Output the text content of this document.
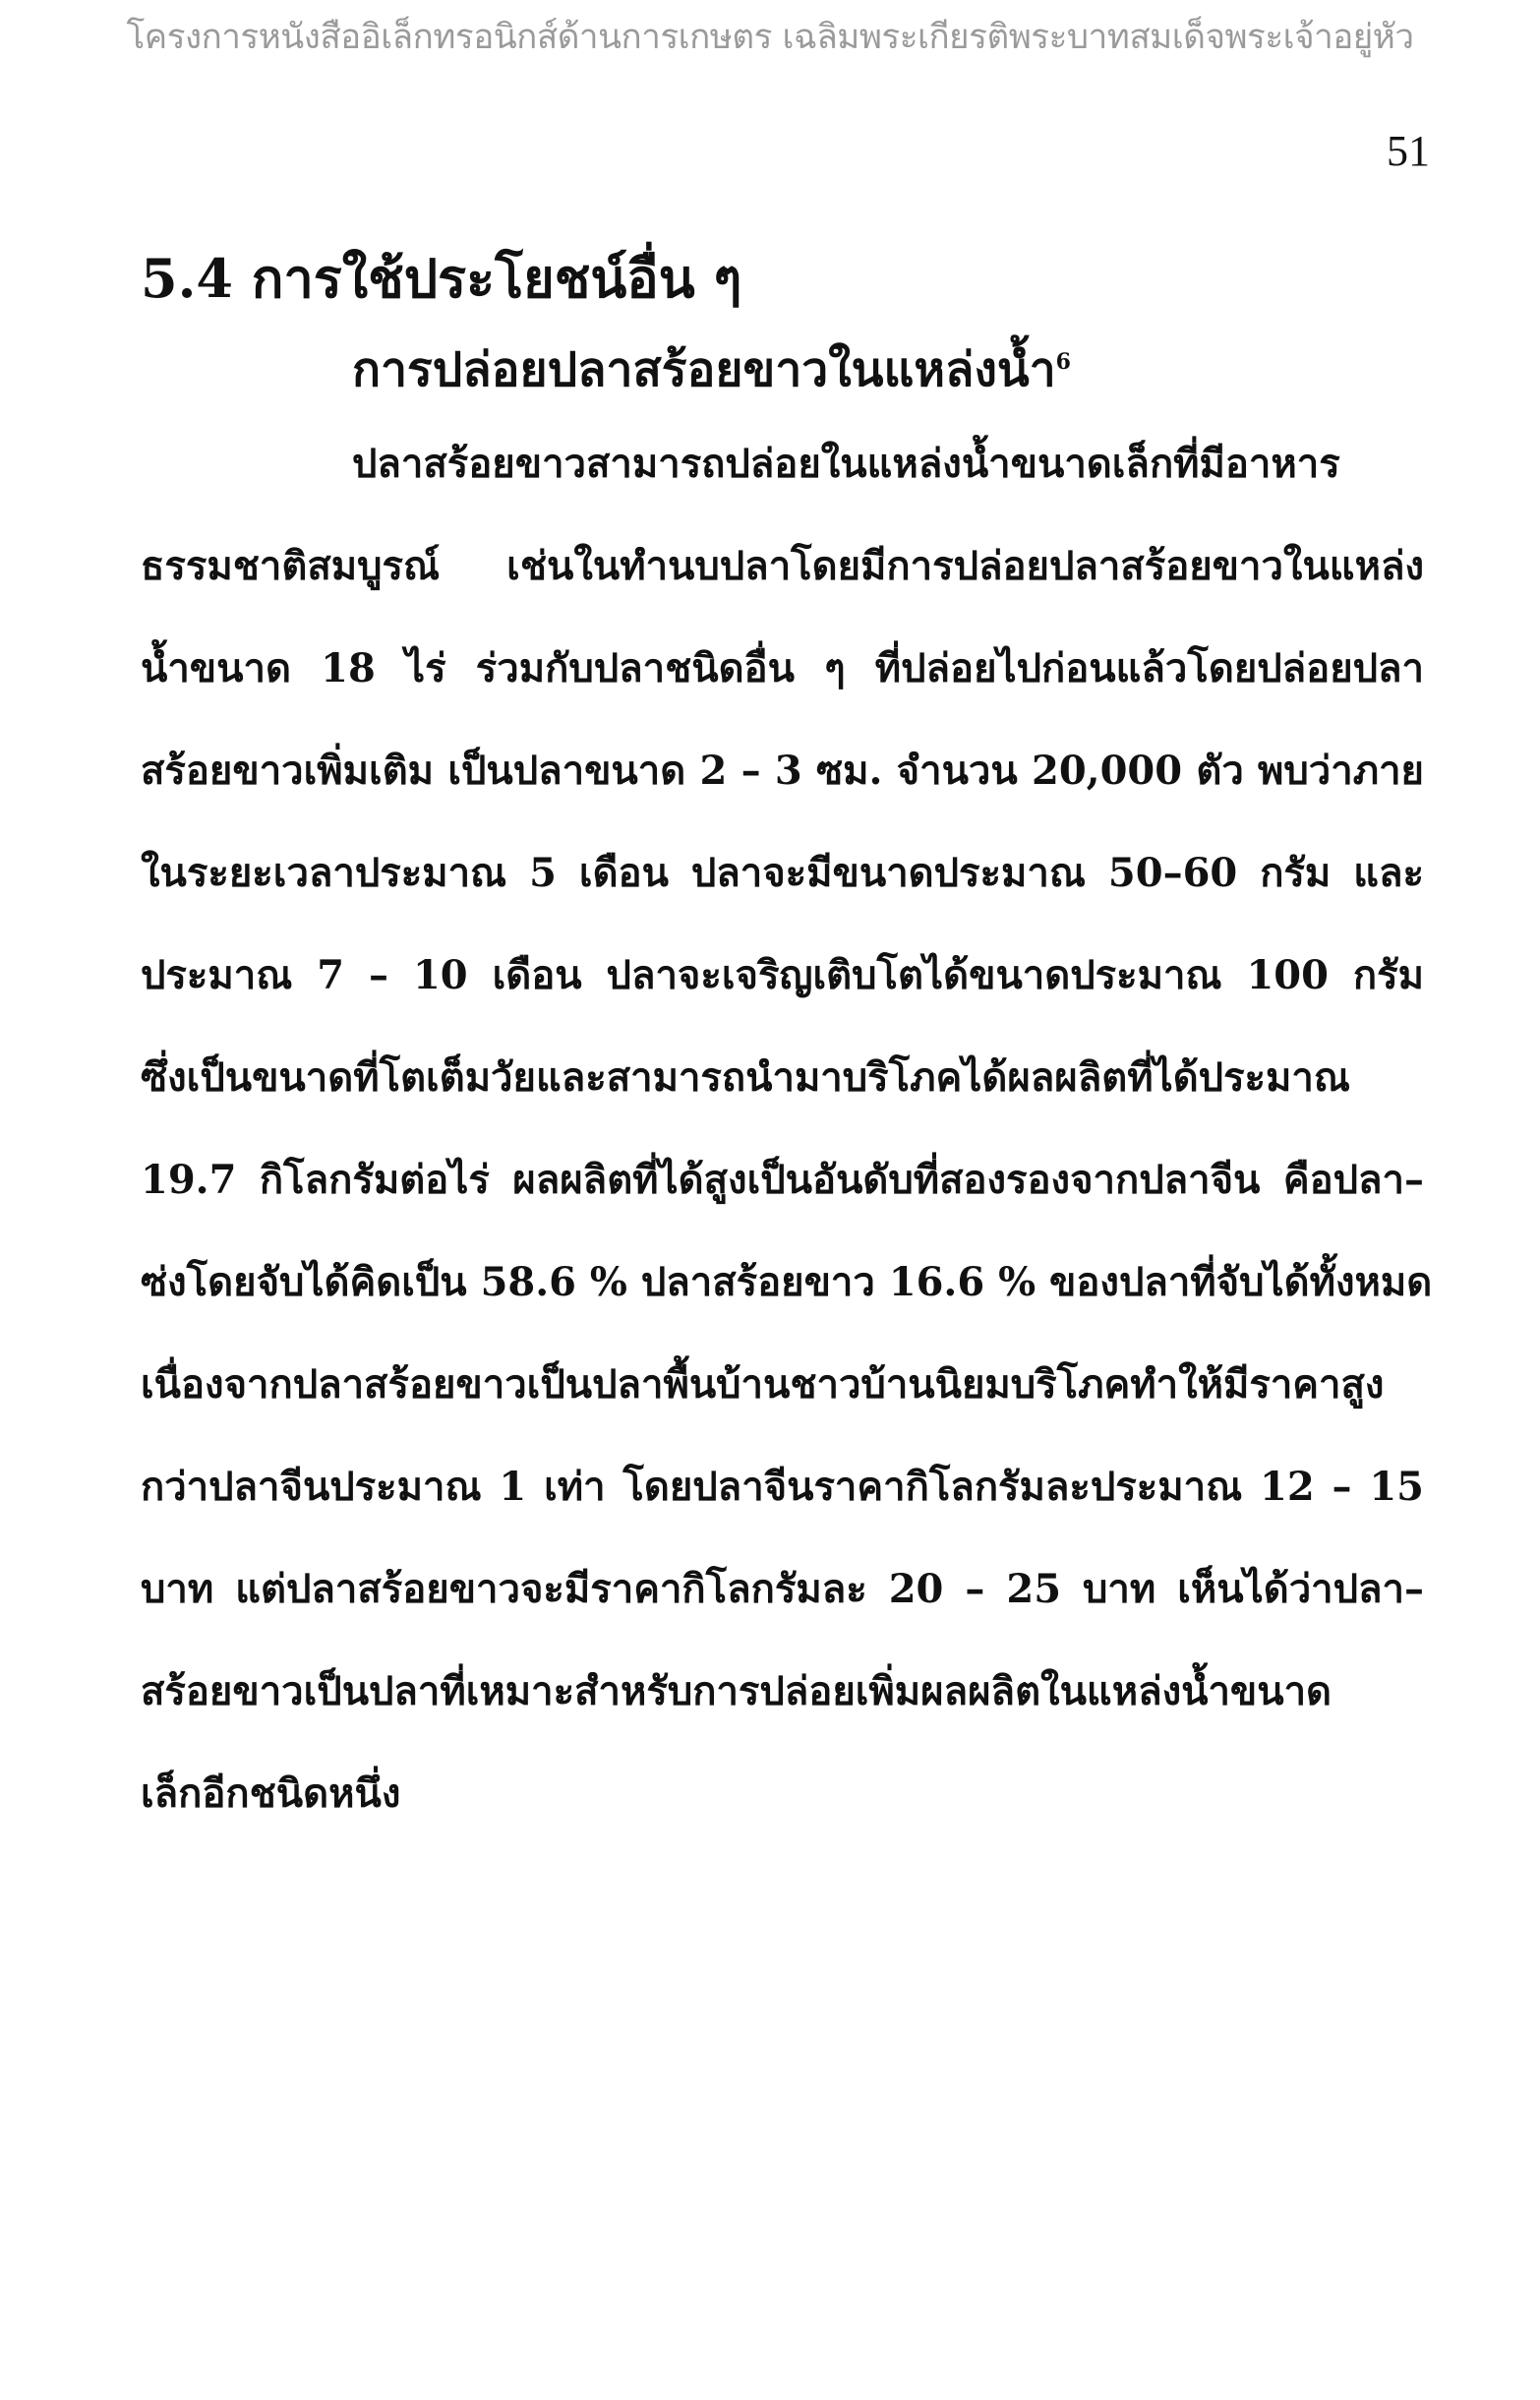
โครงการหนังสืออิเล็กทรอนิกส์ด้านการเกษตร เฉลิมพระเกียรติพระบาทสมเด็จพระเจ้าอยู่หัว
51
5.4 การใช้ประโยชน์อื่น ๆ
การปล่อยปลาสร้อยขาวในแหล่งน้ำ$^6$
ปลาสร้อยขาวสามารถปล่อยในแหล่งน้ำขนาดเล็กที่มีอาหาร
ธรรมชาติสมบูรณ์ เช่นในทำนบปลาโดยมีการปล่อยปลาสร้อยขาวในแหล่ง
น้ำขนาด 18 ไร่ ร่วมกับปลาชนิดอื่น ๆ ที่ปล่อยไปก่อนแล้วโดยปล่อยปลา
สร้อยขาวเพิ่มเติม เป็นปลาขนาด 2 – 3 ซม. จำนวน 20,000 ตัว พบว่าภาย
ในระยะเวลาประมาณ 5 เดือน ปลาจะมีขนาดประมาณ 50–60 กรัม และ
ประมาณ 7 – 10 เดือน ปลาจะเจริญเติบโตได้ขนาดประมาณ 100 กรัม
ซึ่งเป็นขนาดที่โตเต็มวัยและสามารถนำมาบริโภคได้ผลผลิตที่ได้ประมาณ
19.7 กิโลกรัมต่อไร่ ผลผลิตที่ได้สูงเป็นอันดับที่สองรองจากปลาจีน คือปลา–
ซ่งโดยจับได้คิดเป็น 58.6 % ปลาสร้อยขาว 16.6 % ของปลาที่จับได้ทั้งหมด
เนื่องจากปลาสร้อยขาวเป็นปลาพื้นบ้านชาวบ้านนิยมบริโภคทำให้มีราคาสูง
กว่าปลาจีนประมาณ 1 เท่า โดยปลาจีนราคากิโลกรัมละประมาณ 12 – 15
บาท แต่ปลาสร้อยขาวจะมีราคากิโลกรัมละ 20 – 25 บาท เห็นได้ว่าปลา–
สร้อยขาวเป็นปลาที่เหมาะสำหรับการปล่อยเพิ่มผลผลิตในแหล่งน้ำขนาด
เล็กอีกชนิดหนึ่ง
